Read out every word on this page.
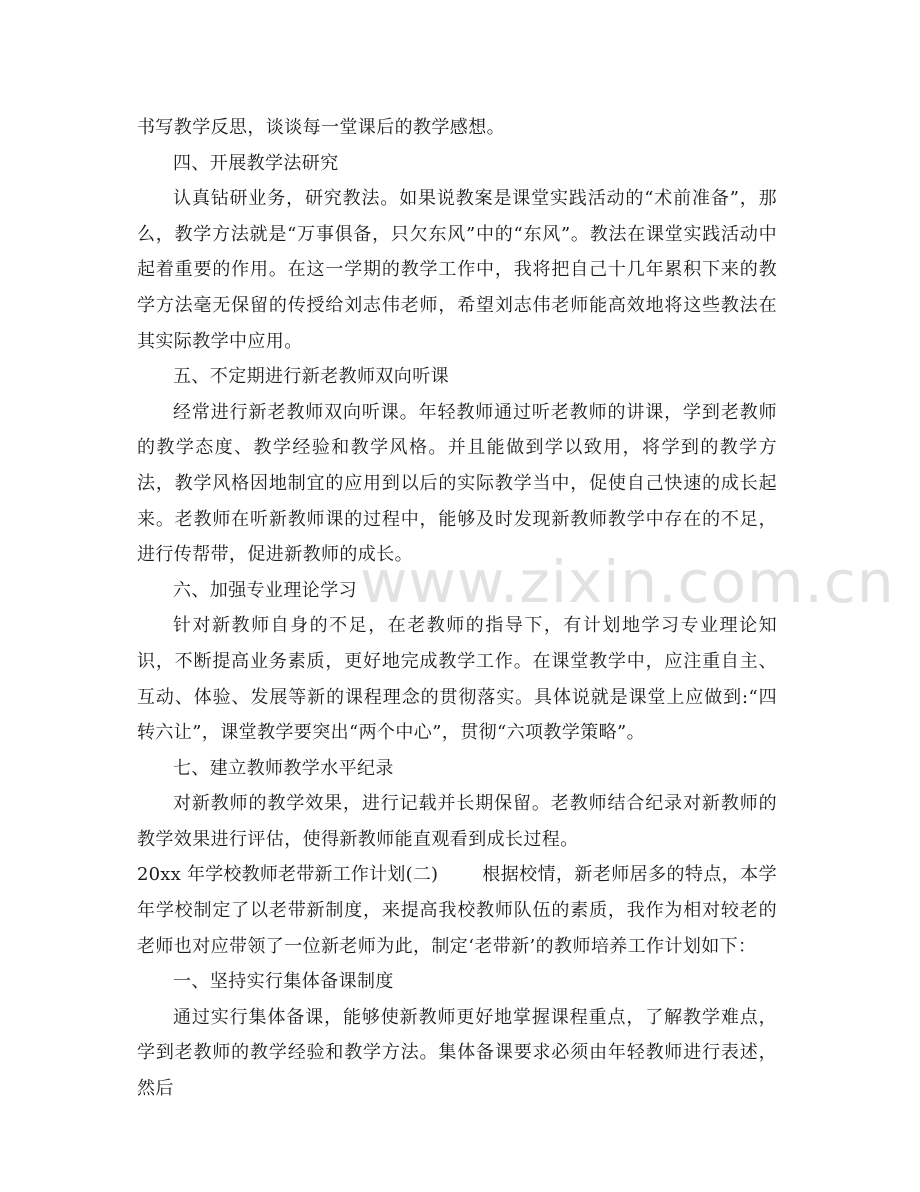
书写教学反思，谈谈每一堂课后的教学感想。

四、开展教学法研究

认真钻研业务，研究教法。如果说教案是课堂实践活动的“术前准备”，那么，教学方法就是“万事俱备，只欠东风”中的“东风”。教法在课堂实践活动中起着重要的作用。在这一学期的教学工作中，我将把自己十几年累积下来的教学方法毫无保留的传授给刘志伟老师，希望刘志伟老师能高效地将这些教法在其实际教学中应用。

五、不定期进行新老教师双向听课

经常进行新老教师双向听课。年轻教师通过听老教师的讲课，学到老教师的教学态度、教学经验和教学风格。并且能做到学以致用，将学到的教学方法，教学风格因地制宜的应用到以后的实际教学当中，促使自己快速的成长起来。老教师在听新教师课的过程中，能够及时发现新教师教学中存在的不足，进行传帮带，促进新教师的成长。

六、加强专业理论学习

针对新教师自身的不足，在老教师的指导下，有计划地学习专业理论知识，不断提高业务素质，更好地完成教学工作。在课堂教学中，应注重自主、互动、体验、发展等新的课程理念的贯彻落实。具体说就是课堂上应做到:“四转六让”，课堂教学要突出“两个中心”，贯彻“六项教学策略”。

七、建立教师教学水平纪录

对新教师的教学效果，进行记载并长期保留。老教师结合纪录对新教师的教学效果进行评估，使得新教师能直观看到成长过程。

20xx 年学校教师老带新工作计划(二) 根据校情，新老师居多的特点，本学年学校制定了以老带新制度，来提高我校教师队伍的素质，我作为相对较老的老师也对应带领了一位新老师为此，制定‘老带新’的教师培养工作计划如下：

一、坚持实行集体备课制度

通过实行集体备课，能够使新教师更好地掌握课程重点，了解教学难点，学到老教师的教学经验和教学方法。集体备课要求必须由年轻教师进行表述，然后

www.zixin.com.cn
